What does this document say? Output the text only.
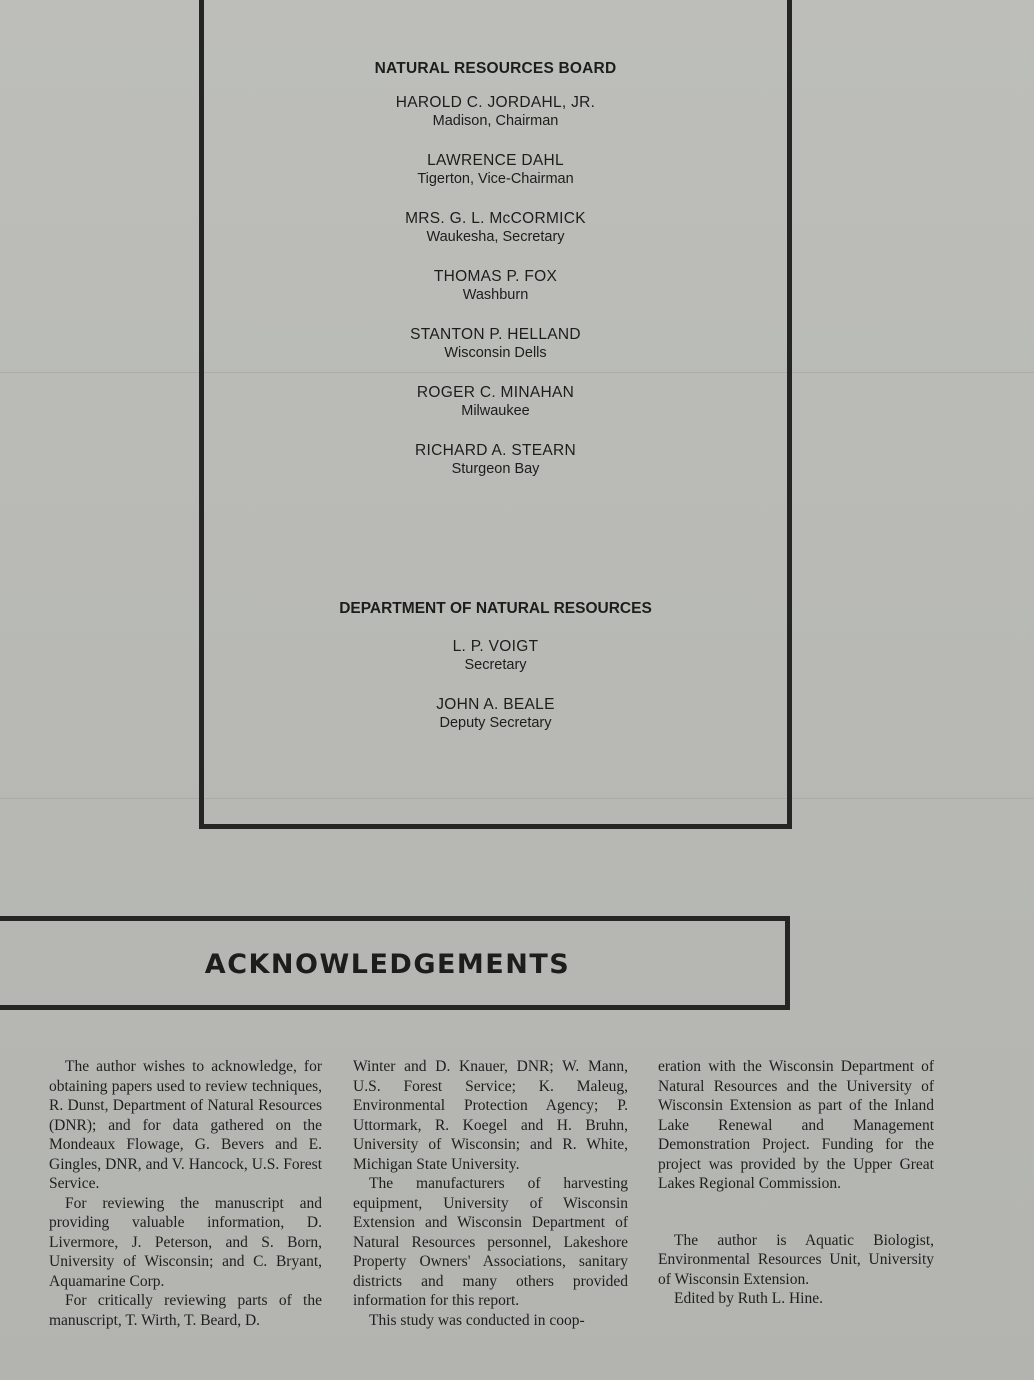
NATURAL RESOURCES BOARD
HAROLD C. JORDAHL, JR.
Madison, Chairman
LAWRENCE DAHL
Tigerton, Vice-Chairman
MRS. G. L. McCORMICK
Waukesha, Secretary
THOMAS P. FOX
Washburn
STANTON P. HELLAND
Wisconsin Dells
ROGER C. MINAHAN
Milwaukee
RICHARD A. STEARN
Sturgeon Bay
DEPARTMENT OF NATURAL RESOURCES
L. P. VOIGT
Secretary
JOHN A. BEALE
Deputy Secretary
ACKNOWLEDGEMENTS

The author wishes to acknowledge, for obtaining papers used to review techniques, R. Dunst, Department of Natural Resources (DNR); and for data gathered on the Mondeaux Flowage, G. Bevers and E. Gingles, DNR, and V. Hancock, U.S. Forest Service.

For reviewing the manuscript and providing valuable information, D. Livermore, J. Peterson, and S. Born, University of Wisconsin; and C. Bryant, Aquamarine Corp.

For critically reviewing parts of the manuscript, T. Wirth, T. Beard, D.

Winter and D. Knauer, DNR; W. Mann, U.S. Forest Service; K. Maleug, Environmental Protection Agency; P. Uttormark, R. Koegel and H. Bruhn, University of Wisconsin; and R. White, Michigan State University.

The manufacturers of harvesting equipment, University of Wisconsin Extension and Wisconsin Department of Natural Resources personnel, Lakeshore Property Owners' Associations, sanitary districts and many others provided information for this report.

This study was conducted in coop-

eration with the Wisconsin Department of Natural Resources and the University of Wisconsin Extension as part of the Inland Lake Renewal and Management Demonstration Project. Funding for the project was provided by the Upper Great Lakes Regional Commission.

The author is Aquatic Biologist, Environmental Resources Unit, University of Wisconsin Extension.

Edited by Ruth L. Hine.
